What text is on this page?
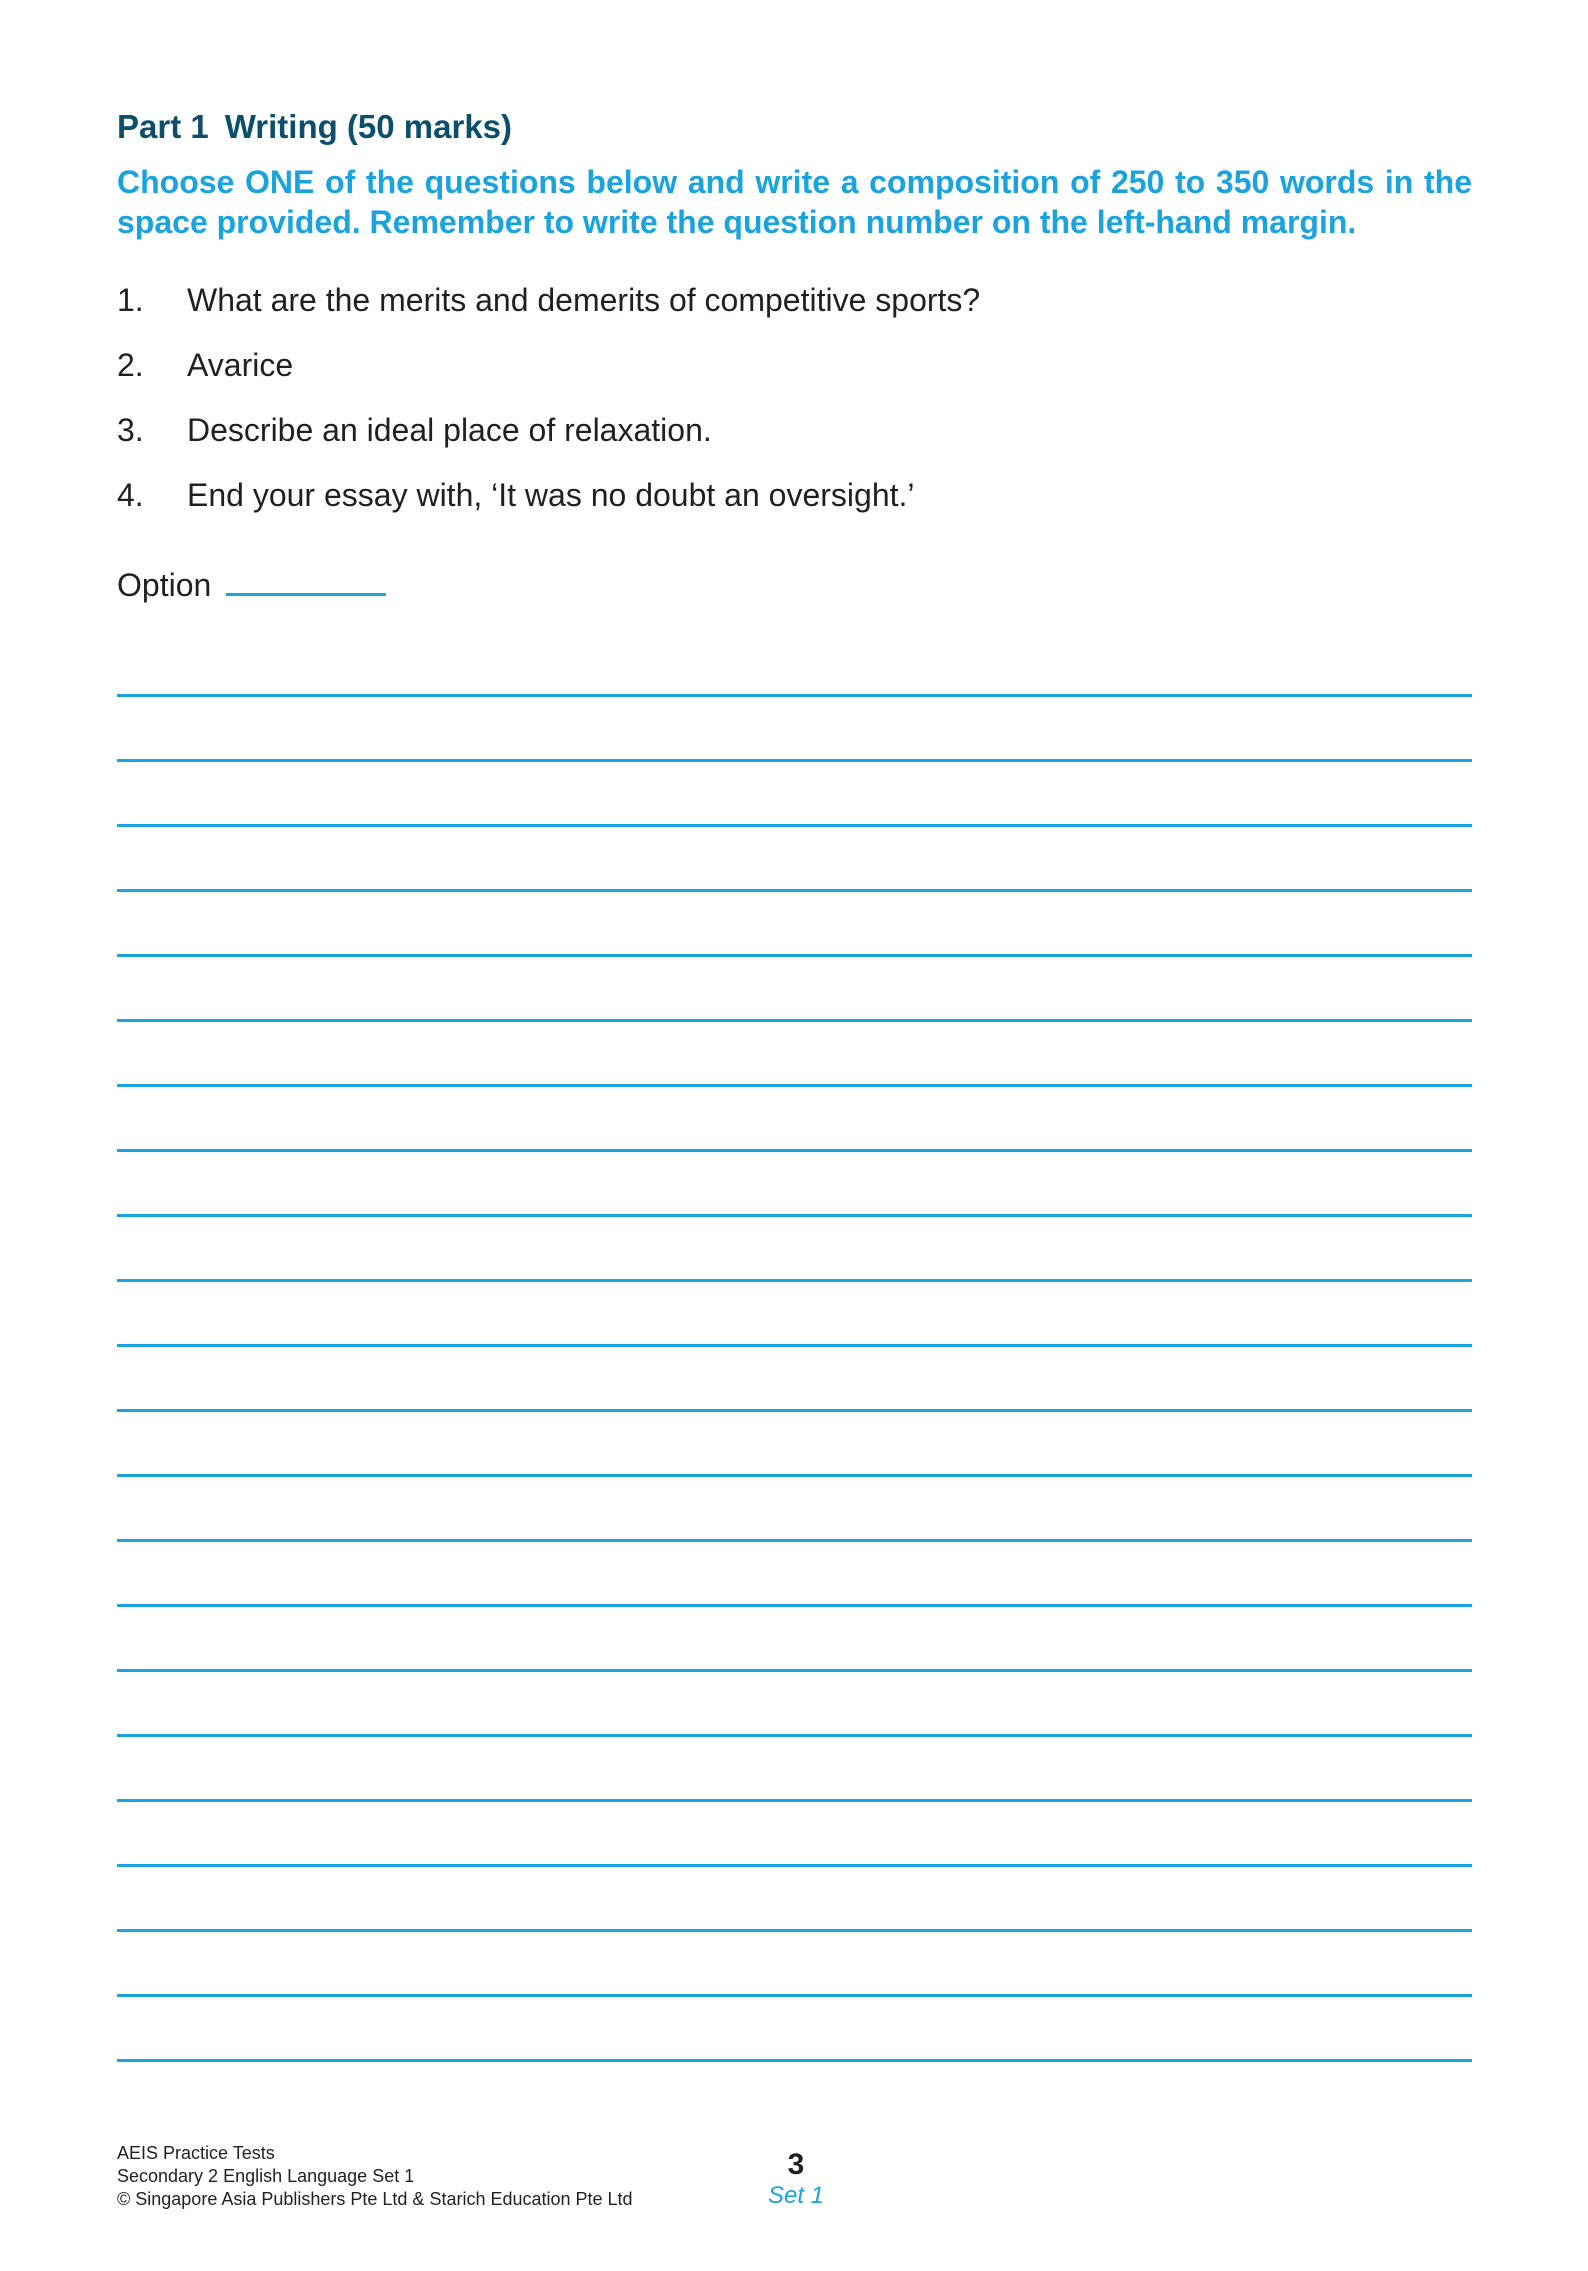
Part 1 Writing (50 marks)
Choose ONE of the questions below and write a composition of 250 to 350 words in the space provided. Remember to write the question number on the left-hand margin.
1. What are the merits and demerits of competitive sports?
2. Avarice
3. Describe an ideal place of relaxation.
4. End your essay with, ‘It was no doubt an oversight.’
Option
AEIS Practice Tests
Secondary 2 English Language Set 1
© Singapore Asia Publishers Pte Ltd & Starich Education Pte Ltd
3
Set 1
